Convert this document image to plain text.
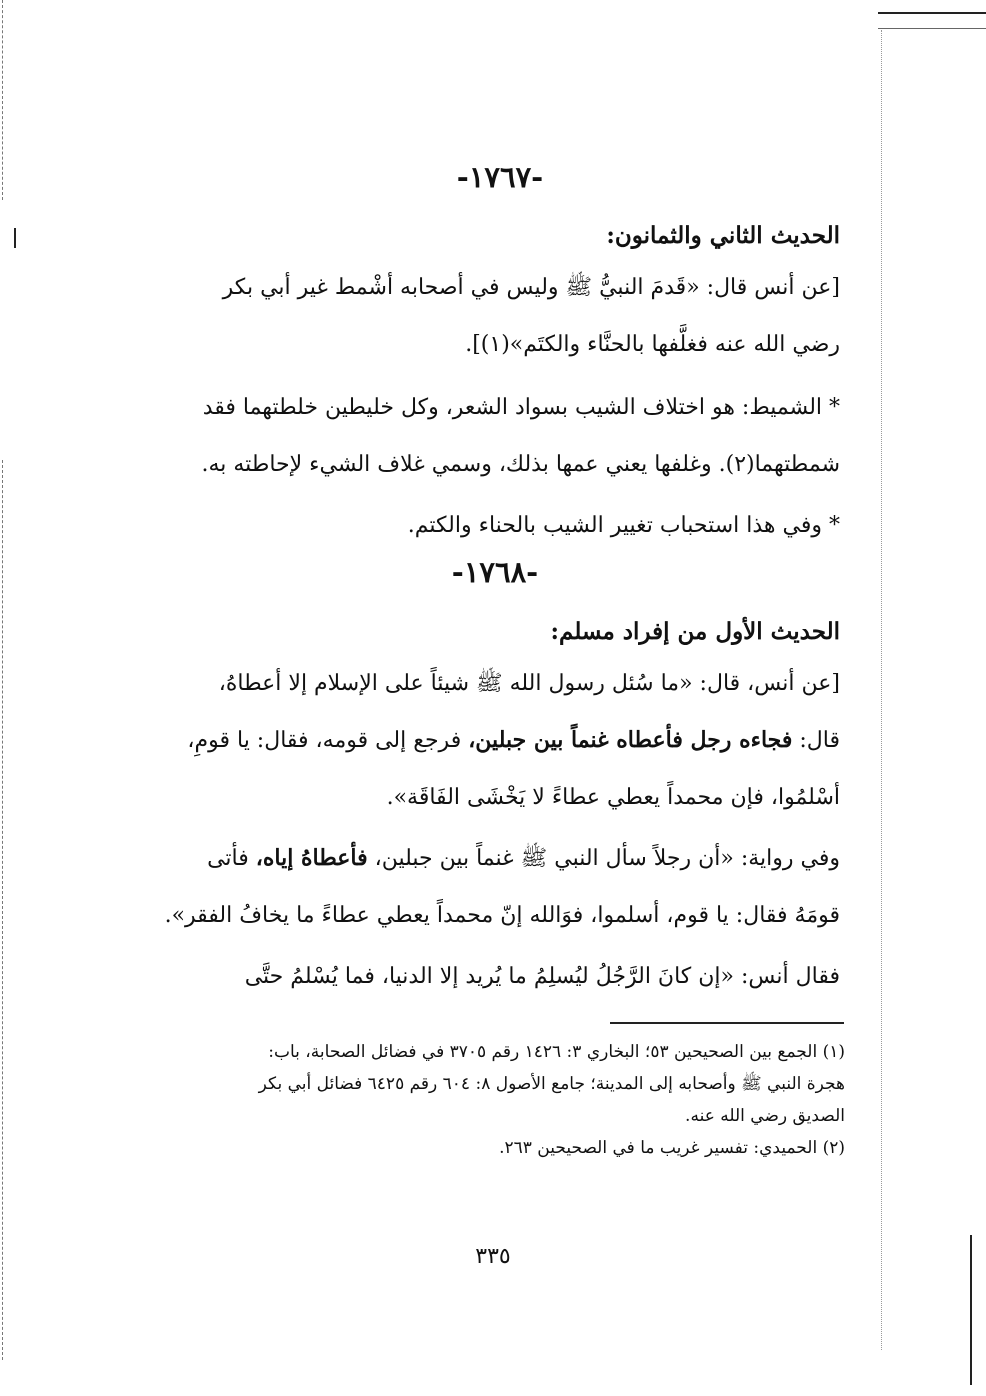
-١٧٦٧-
الحديث الثاني والثمانون:
[عن أنس قال: «قَدمَ النبيُّ ﷺ وليس في أصحابه أشْمط غير أبي بكر
رضي الله عنه فغلَّفها بالحنَّاء والكتَم»(١)].
* الشميط: هو اختلاف الشيب بسواد الشعر، وكل خليطين خلطتهما فقد
شمطتهما(٢). وغلفها يعني عمها بذلك، وسمي غلاف الشيء لإحاطته به.
* وفي هذا استحباب تغيير الشيب بالحناء والكتم.
-١٧٦٨-
الحديث الأول من إفراد مسلم:
[عن أنس، قال: «ما سُئل رسول الله ﷺ شيئاً على الإسلام إلا أعطاهُ،
قال: فجاءه رجل فأعطاه غنماً بين جبلين، فرجع إلى قومه، فقال: يا قومِ،
أسْلمُوا، فإن محمداً يعطي عطاءً لا يَخْشَى الفَاقَة».
وفي رواية: «أن رجلاً سأل النبي ﷺ غنماً بين جبلين، فأعطاهُ إياه، فأتى
قومَهُ فقال: يا قوم، أسلموا، فوَالله إنّ محمداً يعطي عطاءً ما يخافُ الفقر».
فقال أنس: «إن كانَ الرَّجُلُ ليُسلِمُ ما يُريد إلا الدنيا، فما يُسْلمُ حتَّى
(١) الجمع بين الصحيحين ٥٣؛ البخاري ٣: ١٤٢٦ رقم ٣٧٠٥ في فضائل الصحابة، باب:
هجرة النبي ﷺ وأصحابه إلى المدينة؛ جامع الأصول ٨: ٦٠٤ رقم ٦٤٢٥ فضائل أبي بكر
الصديق رضي الله عنه.
(٢) الحميدي: تفسير غريب ما في الصحيحين ٢٦٣.
٣٣٥
